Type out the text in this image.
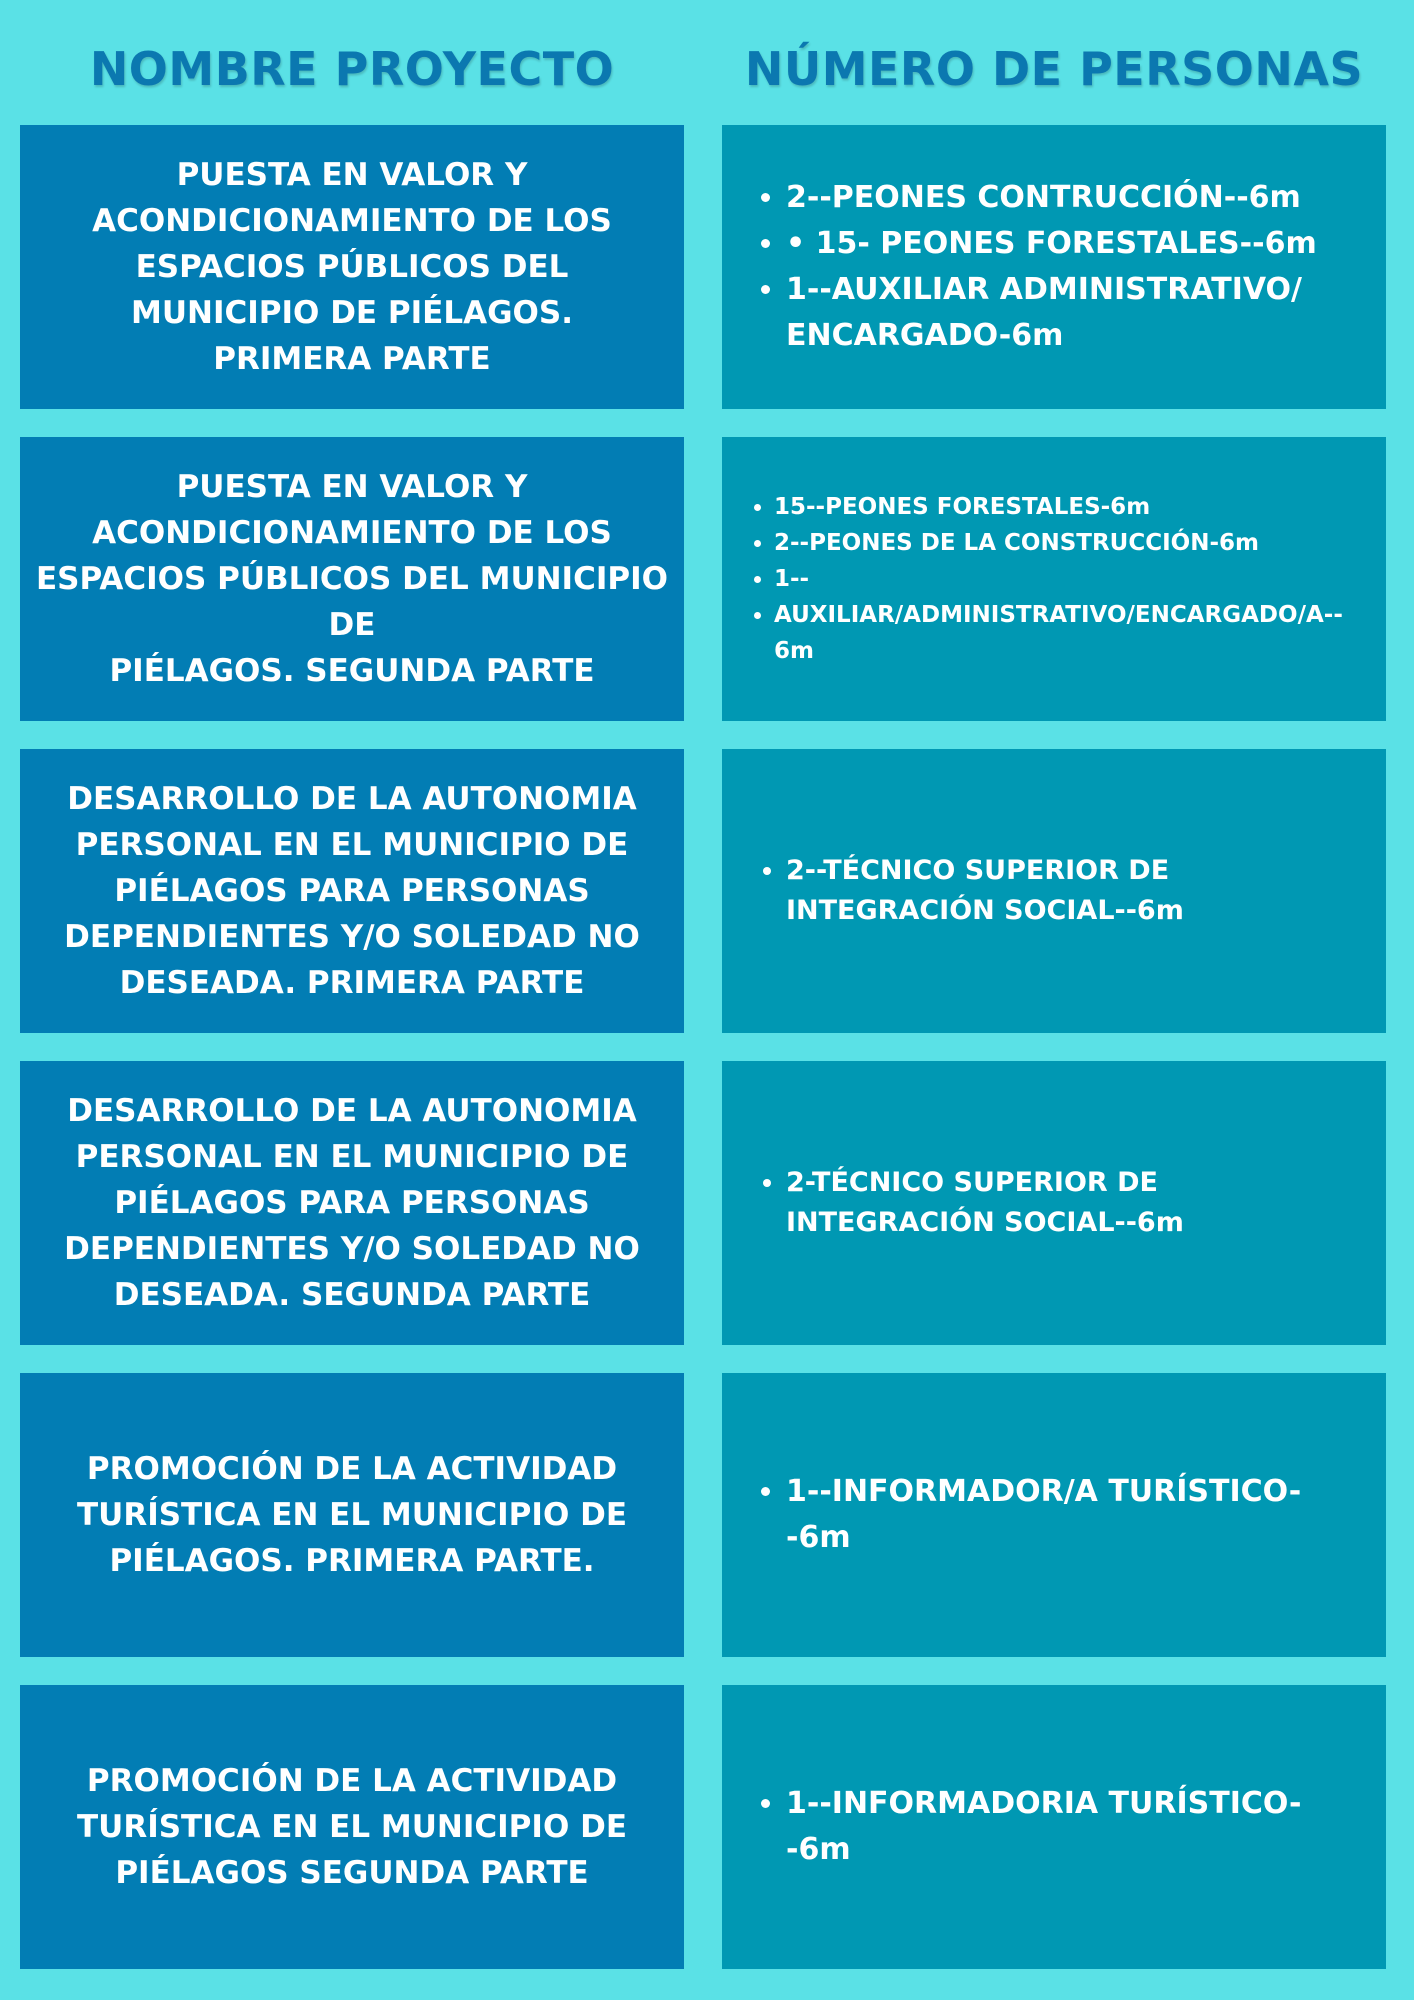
NOMBRE PROYECTO	NÚMERO DE PERSONAS
PUESTA EN VALOR Y
ACONDICIONAMIENTO DE LOS
ESPACIOS PÚBLICOS DEL
MUNICIPIO DE PIÉLAGOS.
PRIMERA PARTE
• 2--PEONES CONTRUCCIÓN--6m
• • 15- PEONES FORESTALES--6m
• 1--AUXILIAR ADMINISTRATIVO/ ENCARGADO-6m
PUESTA EN VALOR Y
ACONDICIONAMIENTO DE LOS
ESPACIOS PÚBLICOS DEL MUNICIPIO DE
PIÉLAGOS. SEGUNDA PARTE
• 15--PEONES FORESTALES-6m
• 2--PEONES DE LA CONSTRUCCIÓN-6m
• 1--
• AUXILIAR/ADMINISTRATIVO/ENCARGADO/A--6m
DESARROLLO DE LA AUTONOMIA
PERSONAL EN EL MUNICIPIO DE
PIÉLAGOS PARA PERSONAS
DEPENDIENTES Y/O SOLEDAD NO
DESEADA. PRIMERA PARTE
• 2--TÉCNICO SUPERIOR DE INTEGRACIÓN SOCIAL--6m
DESARROLLO DE LA AUTONOMIA
PERSONAL EN EL MUNICIPIO DE
PIÉLAGOS PARA PERSONAS
DEPENDIENTES Y/O SOLEDAD NO
DESEADA. SEGUNDA PARTE
• 2-TÉCNICO SUPERIOR DE INTEGRACIÓN SOCIAL--6m
PROMOCIÓN DE LA ACTIVIDAD
TURÍSTICA EN EL MUNICIPIO DE
PIÉLAGOS. PRIMERA PARTE.
• 1--INFORMADOR/A TURÍSTICO--6m
PROMOCIÓN DE LA ACTIVIDAD
TURÍSTICA EN EL MUNICIPIO DE
PIÉLAGOS SEGUNDA PARTE
• 1--INFORMADORIA TURÍSTICO--6m
